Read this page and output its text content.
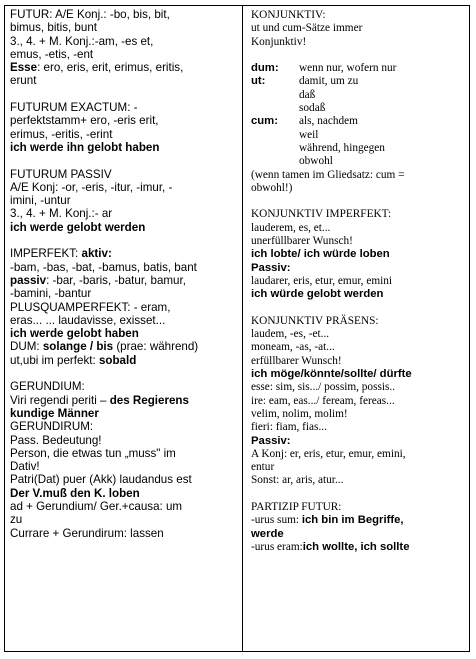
FUTUR: A/E Konj.: -bo, bis, bit,
bimus, bitis, bunt
3., 4. + M. Konj.:-am, -es et,
emus, -etis, -ent
Esse: ero, eris, erit, erimus, eritis,
erunt
FUTURUM EXACTUM: -
perfektstamm+ ero, -eris erit,
erimus, -eritis, -erint
ich werde ihn gelobt haben
FUTURUM PASSIV
A/E Konj: -or, -eris, -itur, -imur, -
imini, -untur
3., 4. + M. Konj.:- ar
ich werde gelobt werden
IMPERFEKT: aktiv:
-bam, -bas, -bat, -bamus, batis, bant
passiv: -bar, -baris, -batur, bamur,
-bamini, -bantur
PLUSQUAMPERFEKT: - eram,
eras... ... laudavisse, exisset...
ich werde gelobt haben
DUM: solange / bis (prae: während)
ut,ubi im perfekt: sobald
GERUNDIUM:
Viri regendi periti – des Regierens
kundige Männer
GERUNDIRUM:
Pass. Bedeutung!
Person, die etwas tun „muss" im
Dativ!
Patri(Dat) puer (Akk) laudandus est
Der V.muß den K. loben
ad + Gerundium/ Ger.+causa: um
zu
Currare + Gerundirum: lassen
KONJUNKTIV:
ut und cum-Sätze immer
Konjunktiv!
dum:	wenn nur, wofern nur
ut:	damit, um zu
daß
sodaß
cum:	als, nachdem
weil
während, hingegen
obwohl
(wenn tamen im Gliedsatz: cum =
obwohl!)
KONJUNKTIV IMPERFEKT:
lauderem, es, et...
unerfüllbarer Wunsch!
ich lobte/ ich würde loben
Passiv:
laudarer, eris, etur, emur, emini
ich würde gelobt werden
KONJUNKTIV PRÄSENS:
laudem, -es, -et...
moneam, -as, -at...
erfüllbarer Wunsch!
ich möge/könnte/sollte/ dürfte
esse: sim, sis.../ possim, possis..
ire: eam, eas.../ feream, fereas...
velim, nolim, molim!
fieri: fiam, fias...
Passiv:
A Konj: er, eris, etur, emur, emini,
entur
Sonst: ar, aris, atur...
PARTIZIP FUTUR:
-urus sum: ich bin im Begriffe,
werde
-urus eram:ich wollte, ich sollte
